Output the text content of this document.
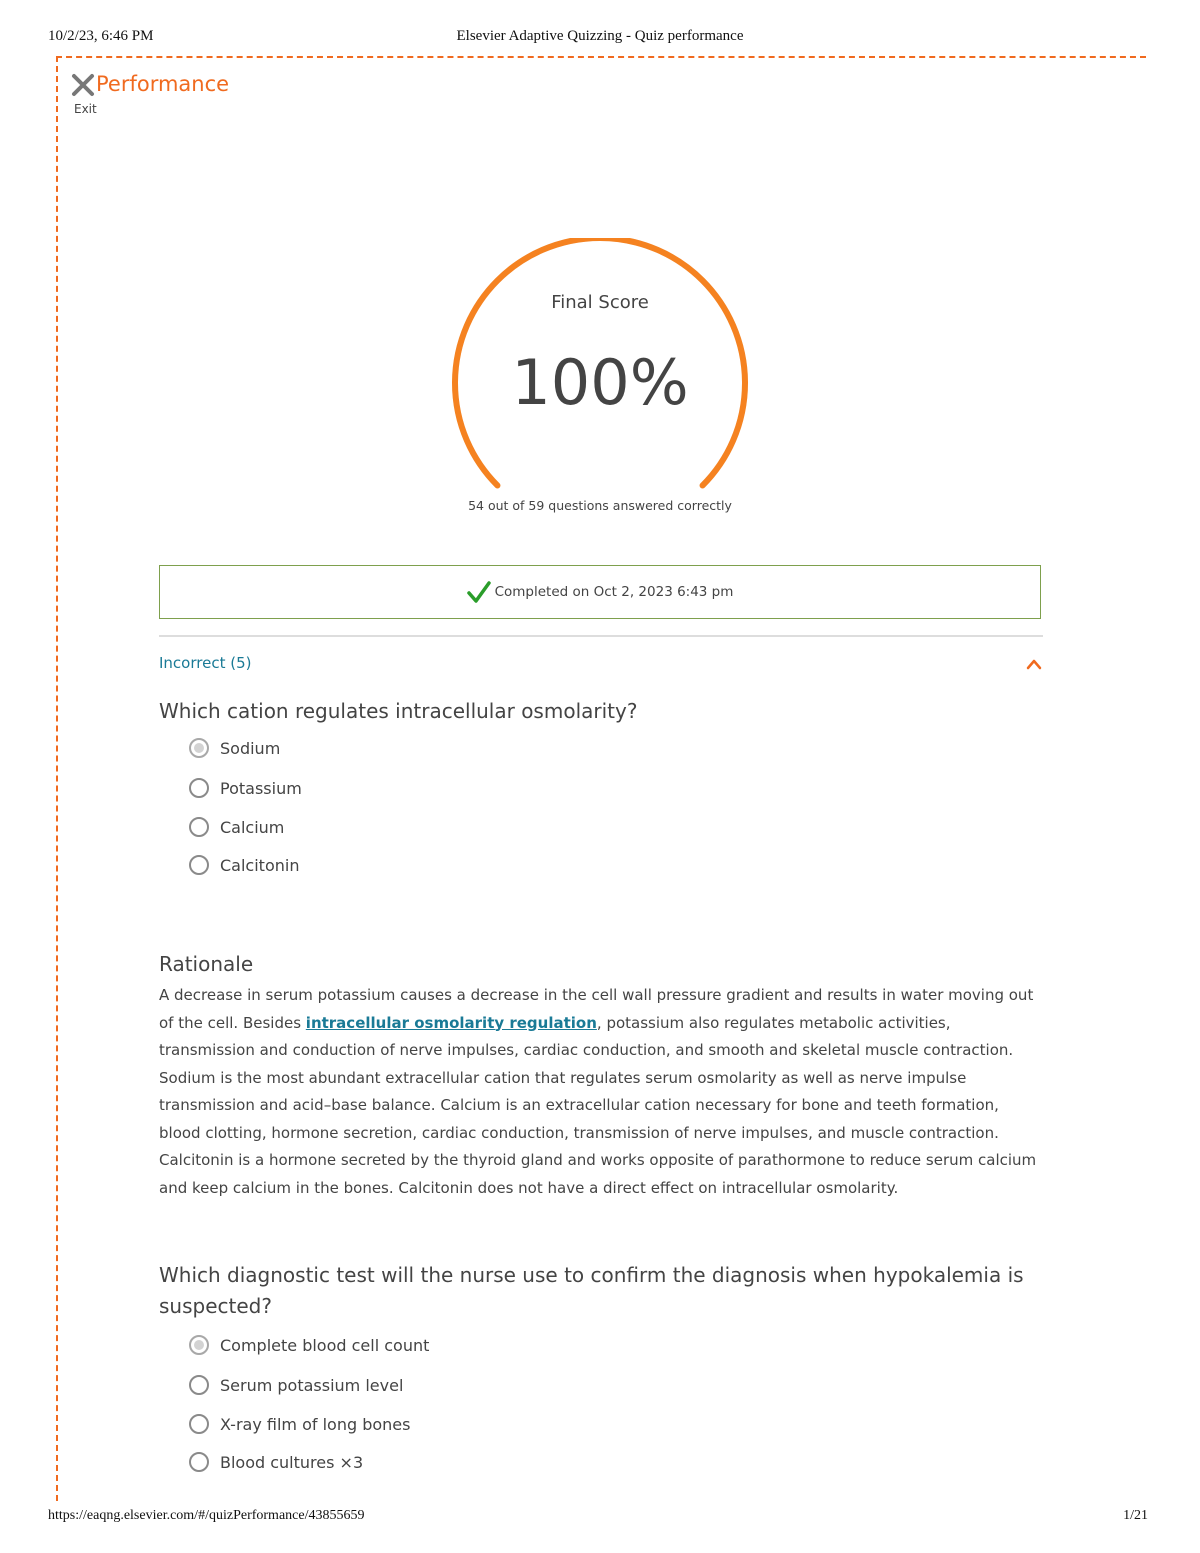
10/2/23, 6:46 PM	Elsevier Adaptive Quizzing - Quiz performance
Performance
Exit
Final Score
100%
54 out of 59 questions answered correctly
Completed on Oct 2, 2023 6:43 pm
Incorrect (5)
Which cation regulates intracellular osmolarity?
Sodium
Potassium
Calcium
Calcitonin
Rationale
A decrease in serum potassium causes a decrease in the cell wall pressure gradient and results in water moving out of the cell. Besides intracellular osmolarity regulation, potassium also regulates metabolic activities, transmission and conduction of nerve impulses, cardiac conduction, and smooth and skeletal muscle contraction. Sodium is the most abundant extracellular cation that regulates serum osmolarity as well as nerve impulse transmission and acid–base balance. Calcium is an extracellular cation necessary for bone and teeth formation, blood clotting, hormone secretion, cardiac conduction, transmission of nerve impulses, and muscle contraction. Calcitonin is a hormone secreted by the thyroid gland and works opposite of parathormone to reduce serum calcium and keep calcium in the bones. Calcitonin does not have a direct effect on intracellular osmolarity.
Which diagnostic test will the nurse use to confirm the diagnosis when hypokalemia is suspected?
Complete blood cell count
Serum potassium level
X-ray film of long bones
Blood cultures ×3
https://eaqng.elsevier.com/#/quizPerformance/43855659	1/21
